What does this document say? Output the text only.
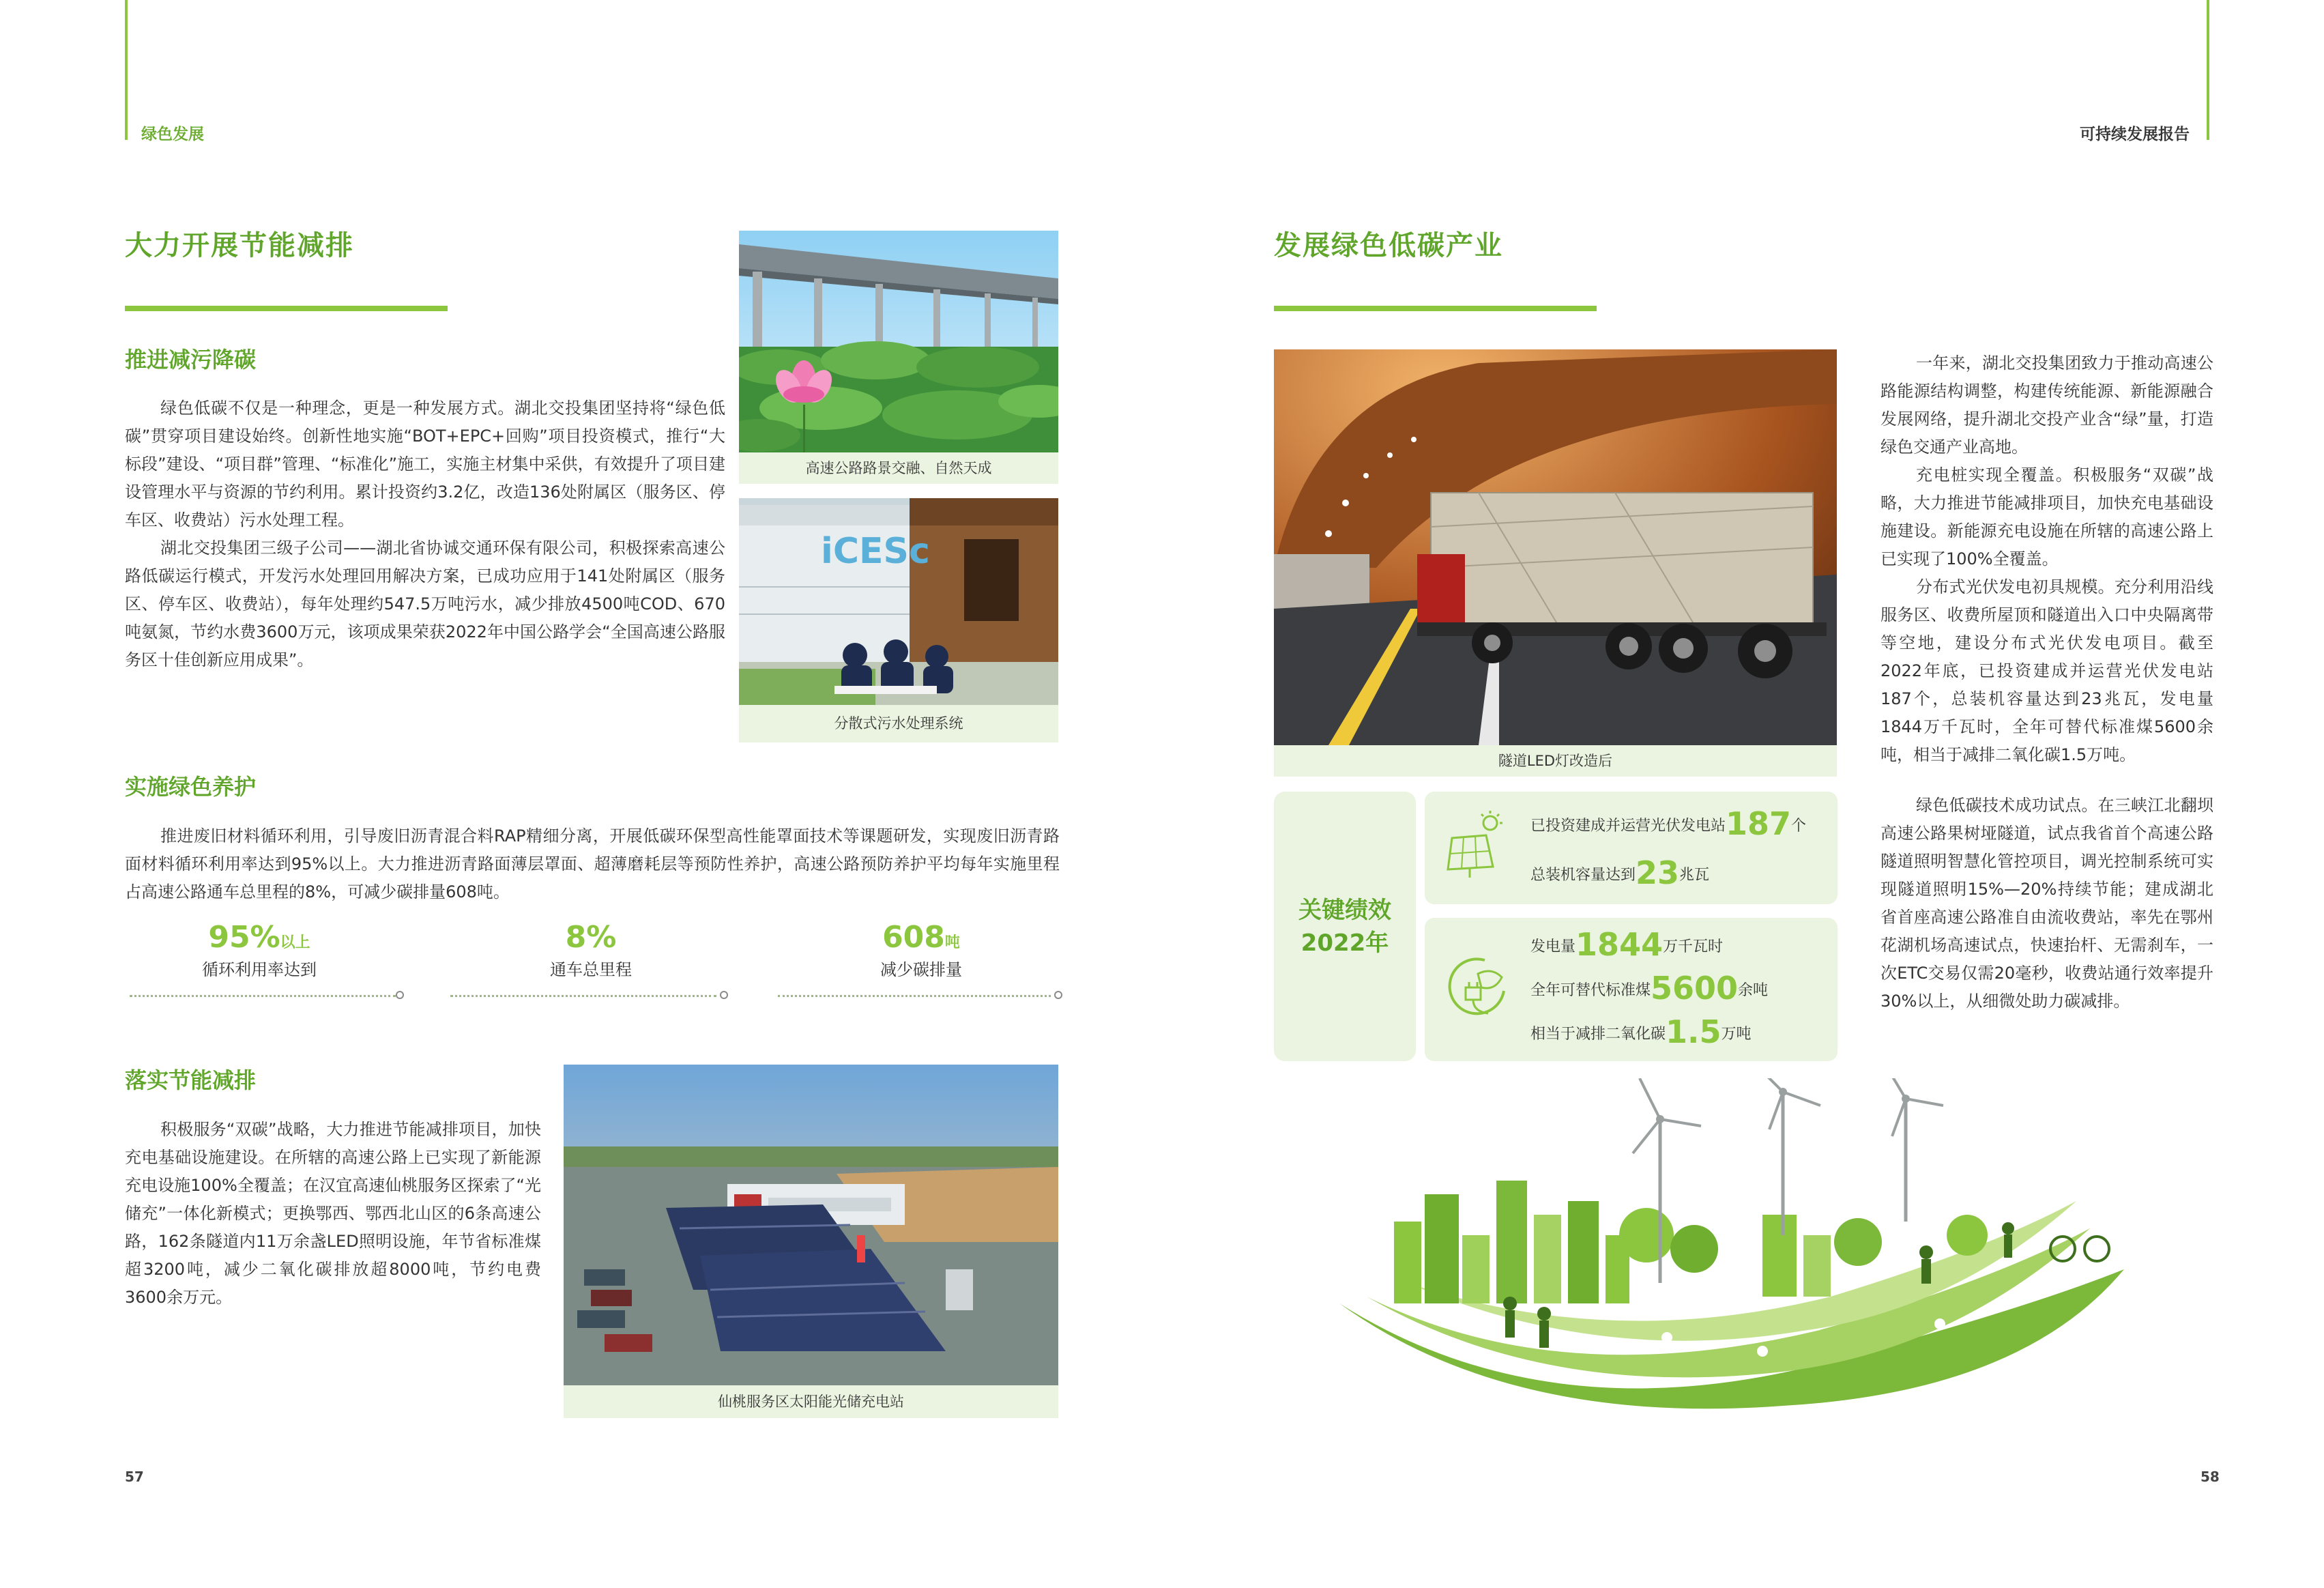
绿色发展
大力开展节能减排
推进减污降碳
绿色低碳不仅是一种理念，更是一种发展方式。湖北交投集团坚持将“绿色低碳”贯穿项目建设始终。创新性地实施“BOT+EPC+回购”项目投资模式，推行“大标段”建设、“项目群”管理、“标准化”施工，实施主材集中采供，有效提升了项目建设管理水平与资源的节约利用。累计投资约3.2亿，改造136处附属区（服务区、停车区、收费站）污水处理工程。
湖北交投集团三级子公司——湖北省协诚交通环保有限公司，积极探索高速公路低碳运行模式，开发污水处理回用解决方案，已成功应用于141处附属区（服务区、停车区、收费站），每年处理约547.5万吨污水，减少排放4500吨COD、670吨氨氮，节约水费3600万元，该项成果荣获2022年中国公路学会“全国高速公路服务区十佳创新应用成果”。
高速公路路景交融、自然天成
iCESc
分散式污水处理系统
实施绿色养护
推进废旧材料循环利用，引导废旧沥青混合料RAP精细分离，开展低碳环保型高性能罩面技术等课题研发，实现废旧沥青路面材料循环利用率达到95%以上。大力推进沥青路面薄层罩面、超薄磨耗层等预防性养护，高速公路预防养护平均每年实施里程占高速公路通车总里程的8%，可减少碳排量608吨。
95%以上
循环利用率达到
8%
通车总里程
608吨
减少碳排量
落实节能减排
积极服务“双碳”战略，大力推进节能减排项目，加快充电基础设施建设。在所辖的高速公路上已实现了新能源充电设施100%全覆盖；在汉宜高速仙桃服务区探索了“光储充”一体化新模式；更换鄂西、鄂西北山区的6条高速公路，162条隧道内11万余盏LED照明设施，年节省标准煤超3200吨，减少二氧化碳排放超8000吨，节约电费3600余万元。
仙桃服务区太阳能光储充电站
57
可持续发展报告
发展绿色低碳产业
隧道LED灯改造后
一年来，湖北交投集团致力于推动高速公路能源结构调整，构建传统能源、新能源融合发展网络，提升湖北交投产业含“绿”量，打造绿色交通产业高地。
充电桩实现全覆盖。积极服务“双碳”战略，大力推进节能减排项目，加快充电基础设施建设。新能源充电设施在所辖的高速公路上已实现了100%全覆盖。
分布式光伏发电初具规模。充分利用沿线服务区、收费所屋顶和隧道出入口中央隔离带等空地，建设分布式光伏发电项目。截至2022年底，已投资建成并运营光伏发电站187个，总装机容量达到23兆瓦，发电量1844万千瓦时，全年可替代标准煤5600余吨，相当于减排二氧化碳1.5万吨。
绿色低碳技术成功试点。在三峡江北翻坝高速公路果树垭隧道，试点我省首个高速公路隧道照明智慧化管控项目，调光控制系统可实现隧道照明15%—20%持续节能；建成湖北省首座高速公路准自由流收费站，率先在鄂州花湖机场高速试点，快速抬杆、无需刹车，一次ETC交易仅需20毫秒，收费站通行效率提升30%以上，从细微处助力碳减排。
关键绩效
2022年
已投资建成并运营光伏发电站187个
总装机容量达到23兆瓦
发电量1844万千瓦时
全年可替代标准煤5600余吨
相当于减排二氧化碳1.5万吨
58
